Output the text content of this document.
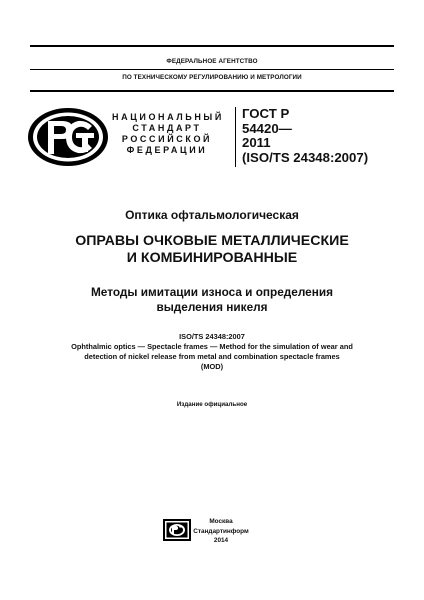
ФЕДЕРАЛЬНОЕ АГЕНТСТВО
ПО ТЕХНИЧЕСКОМУ РЕГУЛИРОВАНИЮ И МЕТРОЛОГИИ
НАЦИОНАЛЬНЫЙ
СТАНДАРТ
РОССИЙСКОЙ
ФЕДЕРАЦИИ
ГОСТ Р
54420—
2011
(ISO/TS 24348:2007)
Оптика офтальмологическая
ОПРАВЫ ОЧКОВЫЕ МЕТАЛЛИЧЕСКИЕ
И КОМБИНИРОВАННЫЕ
Методы имитации износа и определения
выделения никеля
ISO/TS 24348:2007
Ophthalmic optics — Spectacle frames — Method for the simulation of wear and
detection of nickel release from metal and combination spectacle frames
(MOD)
Издание официальное
Москва
Стандартинформ
2014
